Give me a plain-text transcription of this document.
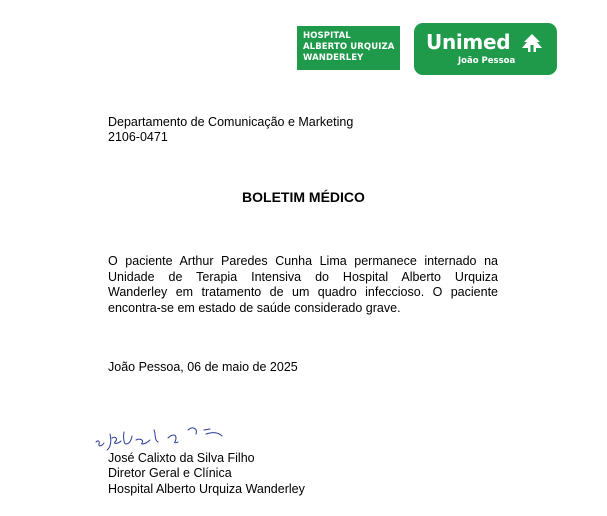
HOSPITAL
ALBERTO URQUIZA
WANDERLEY
Unimed
João Pessoa
Departamento de Comunicação e Marketing
2106-0471
BOLETIM MÉDICO
O paciente Arthur Paredes Cunha Lima permanece internado na
Unidade de Terapia Intensiva do Hospital Alberto Urquiza
Wanderley em tratamento de um quadro infeccioso. O paciente
encontra-se em estado de saúde considerado grave.
João Pessoa, 06 de maio de 2025
José Calixto da Silva Filho
Diretor Geral e Clínica
Hospital Alberto Urquiza Wanderley
